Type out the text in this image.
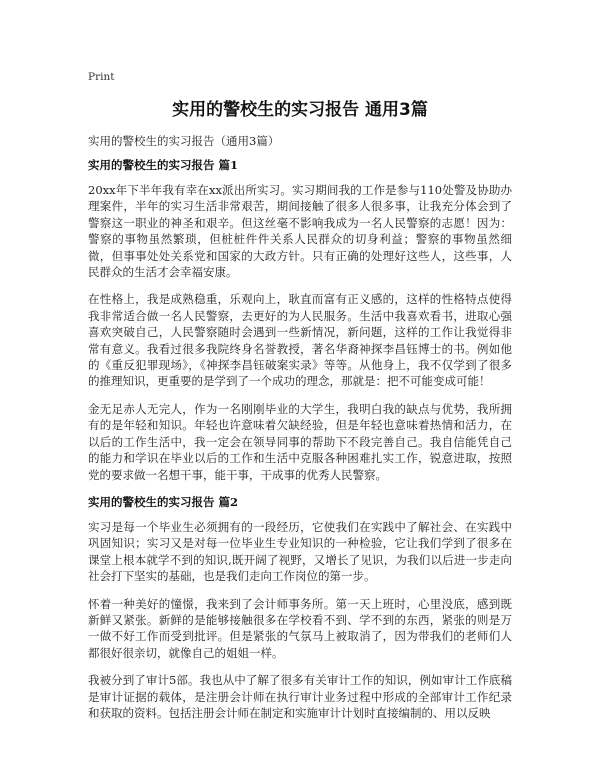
Print
实用的警校生的实习报告 通用3篇

实用的警校生的实习报告（通用3篇）

实用的警校生的实习报告 篇1

20xx年下半年我有幸在xx派出所实习。实习期间我的工作是参与110处警及协助办理案件，半年的实习生活非常艰苦，期间接触了很多人很多事，让我充分体会到了警察这一职业的神圣和艰辛。但这丝毫不影响我成为一名人民警察的志愿！因为：警察的事物虽然繁琐，但桩桩件件关系人民群众的切身利益；警察的事物虽然细微，但事事处处关系党和国家的大政方针。只有正确的处理好这些人，这些事，人民群众的生活才会幸福安康。

在性格上，我是成熟稳重，乐观向上，耿直而富有正义感的，这样的性格特点使得我非常适合做一名人民警察，去更好的为人民服务。生活中我喜欢看书，进取心强喜欢突破自己，人民警察随时会遇到一些新情况，新问题，这样的工作让我觉得非常有意义。我看过很多我院终身名誉教授，著名华裔神探李昌钰博士的书。例如他的《重反犯罪现场》，《神探李昌钰破案实录》等等。从他身上，我不仅学到了很多的推理知识，更重要的是学到了一个成功的理念，那就是：把不可能变成可能！

金无足赤人无完人，作为一名刚刚毕业的大学生，我明白我的缺点与优势，我所拥有的是年轻和知识。年轻也许意味着欠缺经验，但是年轻也意味着热情和活力，在以后的工作生活中，我一定会在领导同事的帮助下不段完善自己。我自信能凭自己的能力和学识在毕业以后的工作和生活中克服各种困难扎实工作，锐意进取，按照党的要求做一名想干事，能干事，干成事的优秀人民警察。

实用的警校生的实习报告 篇2

实习是每一个毕业生必须拥有的一段经历，它使我们在实践中了解社会、在实践中巩固知识；实习又是对每一位毕业生专业知识的一种检验，它让我们学到了很多在课堂上根本就学不到的知识,既开阔了视野，又增长了见识，为我们以后进一步走向社会打下坚实的基础，也是我们走向工作岗位的第一步。

怀着一种美好的憧憬，我来到了会计师事务所。第一天上班时，心里没底，感到既新鲜又紧张。新鲜的是能够接触很多在学校看不到、学不到的东西，紧张的则是万一做不好工作而受到批评。但是紧张的气氛马上被取消了，因为带我们的老师们人都很好很亲切，就像自己的姐姐一样。

我被分到了审计5部。我也从中了解了很多有关审计工作的知识，例如审计工作底稿是审计证据的载体，是注册会计师在执行审计业务过程中形成的全部审计工作纪录和获取的资料。包括注册会计师在制定和实施审计计划时直接编制的、用以反映
